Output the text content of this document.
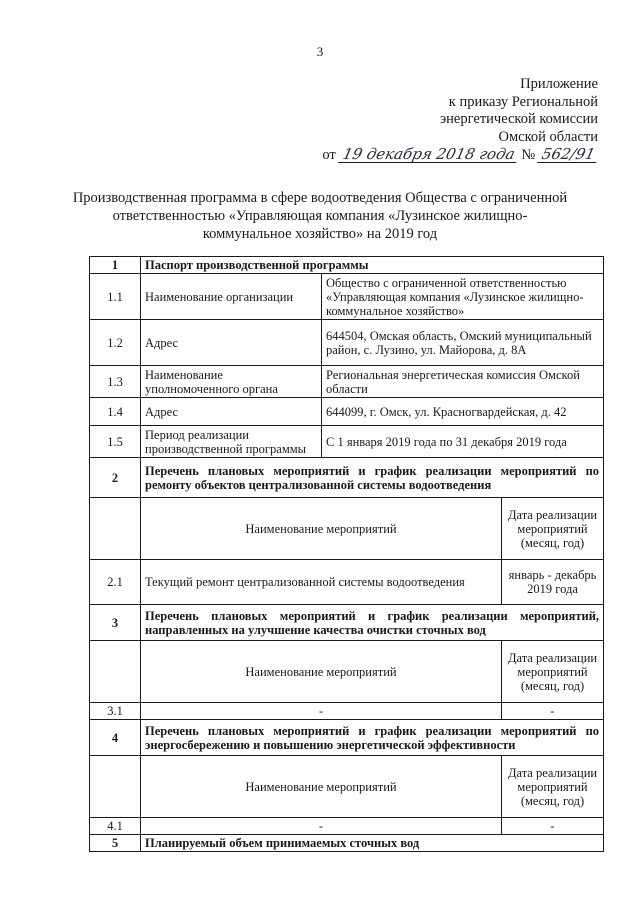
3
Приложение
к приказу Региональной
энергетической комиссии
Омской области
от 19 декабря 2018 года № 562/91
Производственная программа в сфере водоотведения Общества с ограниченной ответственностью «Управляющая компания «Лузинское жилищно-коммунальное хозяйство» на 2019 год
1	Паспорт производственной программы		
1.1	Наименование организации	Общество с ограниченной ответственностью «Управляющая компания «Лузинское жилищно-коммунальное хозяйство»	
1.2	Адрес	644504, Омская область, Омский муниципальный район, с. Лузино, ул. Майорова, д. 8А	
1.3	Наименование уполномоченного органа	Региональная энергетическая комиссия Омской области	
1.4	Адрес	644099, г. Омск, ул. Красногвардейская, д. 42	
1.5	Период реализации производственной программы	С 1 января 2019 года по 31 декабря 2019 года	
2	Перечень плановых мероприятий и график реализации мероприятий по ремонту объектов централизованной системы водоотведения		
	Наименование мероприятий		Дата реализации мероприятий (месяц, год)
2.1	Текущий ремонт централизованной системы водоотведения		январь - декабрь 2019 года
3	Перечень плановых мероприятий и график реализации мероприятий, направленных на улучшение качества очистки сточных вод		
	Наименование мероприятий		Дата реализации мероприятий (месяц, год)
3.1	-		-
4	Перечень плановых мероприятий и график реализации мероприятий по энергосбережению и повышению энергетической эффективности		
	Наименование мероприятий		Дата реализации мероприятий (месяц, год)
4.1	-		-
5	Планируемый объем принимаемых сточных вод		
